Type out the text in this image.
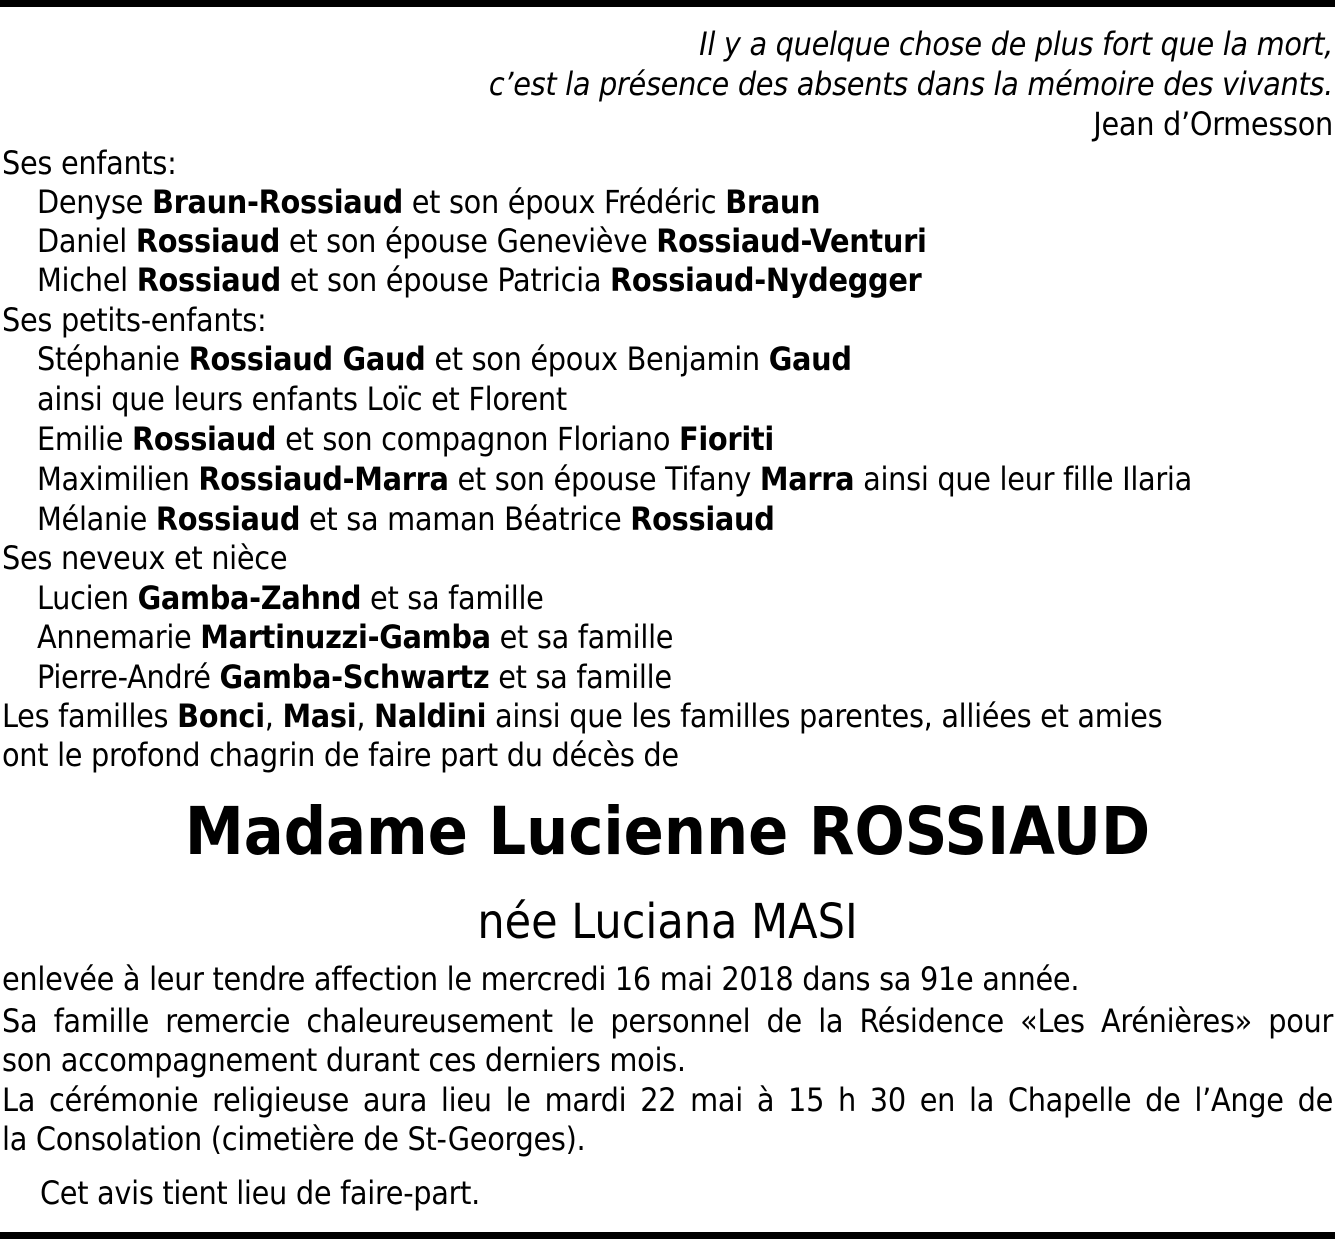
Il y a quelque chose de plus fort que la mort,
c’est la présence des absents dans la mémoire des vivants.
Jean d’Ormesson
Ses enfants:
Denyse Braun-Rossiaud et son époux Frédéric Braun
Daniel Rossiaud et son épouse Geneviève Rossiaud-Venturi
Michel Rossiaud et son épouse Patricia Rossiaud-Nydegger
Ses petits-enfants:
Stéphanie Rossiaud Gaud et son époux Benjamin Gaud
ainsi que leurs enfants Loïc et Florent
Emilie Rossiaud et son compagnon Floriano Fioriti
Maximilien Rossiaud-Marra et son épouse Tifany Marra ainsi que leur fille Ilaria
Mélanie Rossiaud et sa maman Béatrice Rossiaud
Ses neveux et nièce
Lucien Gamba-Zahnd et sa famille
Annemarie Martinuzzi-Gamba et sa famille
Pierre-André Gamba-Schwartz et sa famille
Les familles Bonci, Masi, Naldini ainsi que les familles parentes, alliées et amies
ont le profond chagrin de faire part du décès de
Madame Lucienne ROSSIAUD
née Luciana MASI
enlevée à leur tendre affection le mercredi 16 mai 2018 dans sa 91e année.
Sa famille remercie chaleureusement le personnel de la Résidence «Les Arénières» pour
son accompagnement durant ces derniers mois.
La cérémonie religieuse aura lieu le mardi 22 mai à 15 h 30 en la Chapelle de l’Ange de
la Consolation (cimetière de St-Georges).
Cet avis tient lieu de faire-part.
